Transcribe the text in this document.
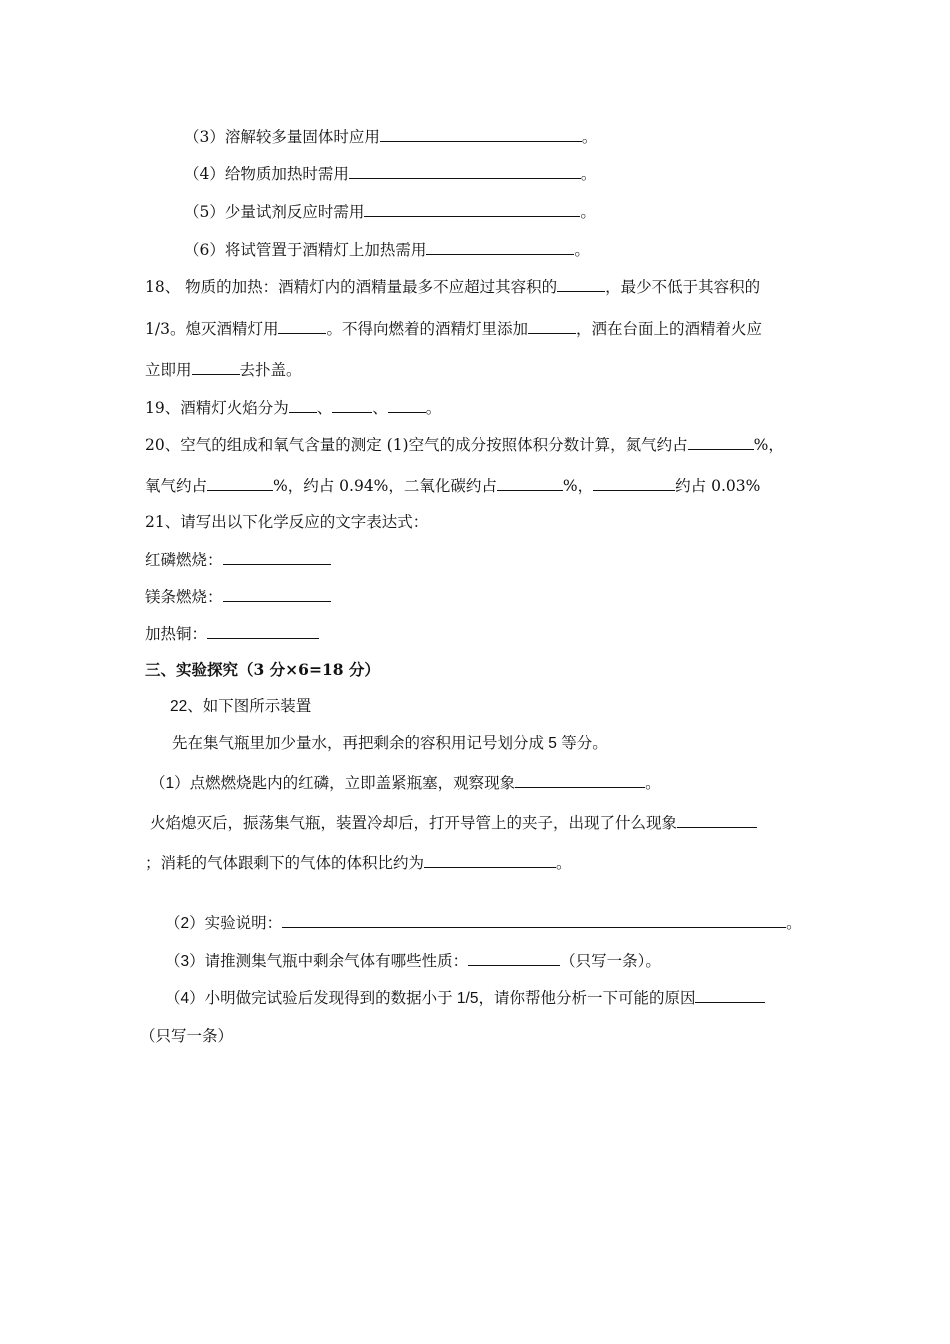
（3）溶解较多量固体时应用	。
（4）给物质加热时需用	。
（5）少量试剂反应时需用	。
（6）将试管置于酒精灯上加热需用	。
18、 物质的加热：酒精灯内的酒精量最多不应超过其容积的	，最少不低于其容积的
1/3。熄灭酒精灯用	。不得向燃着的酒精灯里添加	，洒在台面上的酒精着火应
立即用	去扑盖。
19、酒精灯火焰分为 、	、 。
20、空气的组成和氧气含量的测定 (1)空气的成分按照体积分数计算，氮气约占	%，
氧气约占	%，约占 0.94%，二氧化碳约占	%，	约占 0.03%
21、请写出以下化学反应的文字表达式：
红磷燃烧：
镁条燃烧：
加热铜：
三、实验探究（3 分×6=18 分）
22、如下图所示装置
先在集气瓶里加少量水，再把剩余的容积用记号划分成 5 等分。
（1）点燃燃烧匙内的红磷，立即盖紧瓶塞，观察现象	。
火焰熄灭后，振荡集气瓶，装置冷却后，打开导管上的夹子，出现了什么现象
；消耗的气体跟剩下的气体的体积比约为	。
（2）实验说明：	。
（3）请推测集气瓶中剩余气体有哪些性质：	（只写一条）。
（4）小明做完试验后发现得到的数据小于 1/5，请你帮他分析一下可能的原因
（只写一条）
